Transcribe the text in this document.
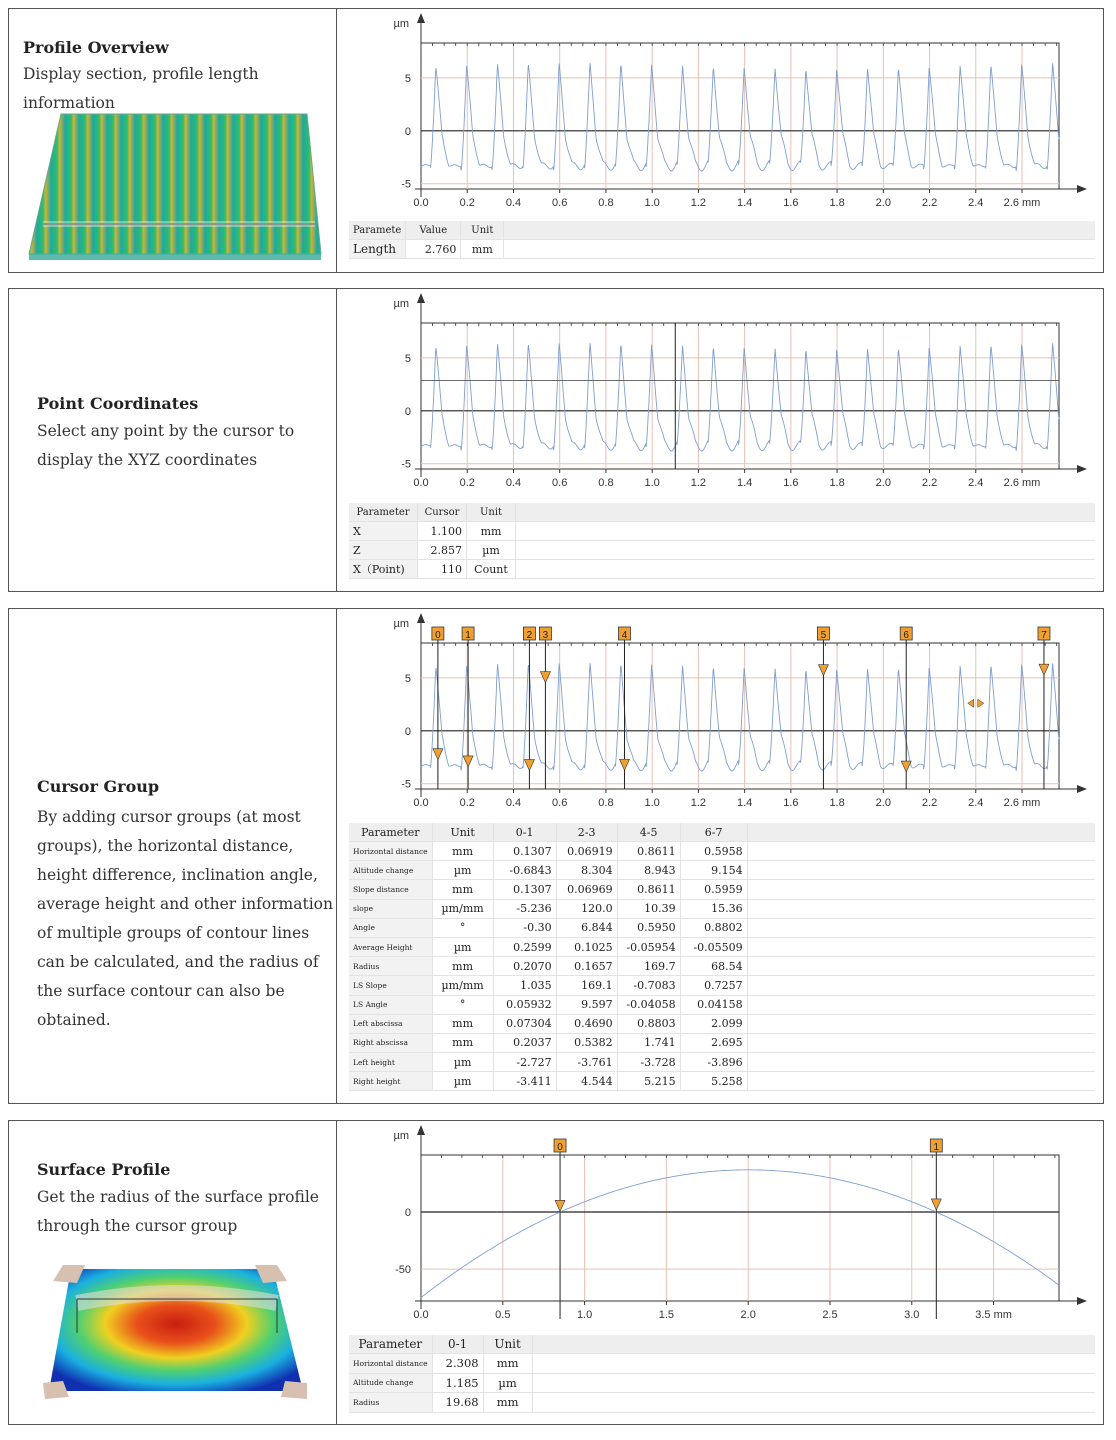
Profile Overview
Display section, profile length information
µm
0.0	0.2	0.4	0.6	0.8	1.0	1.2	1.4	1.6	1.8	2.0	2.2	2.4 2.6 mm
5
0
-5
Paramete	Value	Unit	
Length	2.760	mm	
Point Coordinates
Select any point by the cursor to
display the XYZ coordinates
µm
0.0	0.2	0.4	0.6	0.8	1.0	1.2	1.4	1.6	1.8	2.0	2.2	2.4 2.6 mm
5
0
-5
Parameter	Cursor	Unit	
X	1.100	mm	
Z	2.857	µm	
X（Point)	110	Count	
Cursor Group
By adding cursor groups (at most
groups), the horizontal distance,
height difference, inclination angle,
average height and other information
of multiple groups of contour lines
can be calculated, and the radius of
the surface contour can also be
obtained.
µm
0.0	0.2	0.4	0.6	0.8	1.0	1.2	1.4	1.6	1.8	2.0	2.2	2.4 2.6 mm
5
0
-5
0 1	2 3	4	5	6	7
Parameter	Unit	0-1	2-3	4-5	6-7	
Horizontal distance	mm	0.1307	0.06919	0.8611	0.5958	
Altitude change	µm	-0.6843	8.304	8.943	9.154	
Slope distance	mm	0.1307	0.06969	0.8611	0.5959	
slope	µm/mm	-5.236	120.0	10.39	15.36	
Angle	°	-0.30	6.844	0.5950	0.8802	
Average Height	µm	0.2599	0.1025	-0.05954	-0.05509	
Radius	mm	0.2070	0.1657	169.7	68.54	
LS Slope	µm/mm	1.035	169.1	-0.7083	0.7257	
LS Angle	°	0.05932	9.597	-0.04058	0.04158	
Left abscissa	mm	0.07304	0.4690	0.8803	2.099	
Right abscissa	mm	0.2037	0.5382	1.741	2.695	
Left height	µm	-2.727	-3.761	-3.728	-3.896	
Right height	µm	-3.411	4.544	5.215	5.258	
Surface Profile
Get the radius of the surface profile
through the cursor group
µm
0.0	0.5	1.0	1.5	2.0	2.5	3.0	3.5 mm
0
-50
0	1
Parameter	0-1	Unit	
Horizontal distance	2.308	mm	
Altitude change	1.185	µm	
Radius	19.68	mm	
